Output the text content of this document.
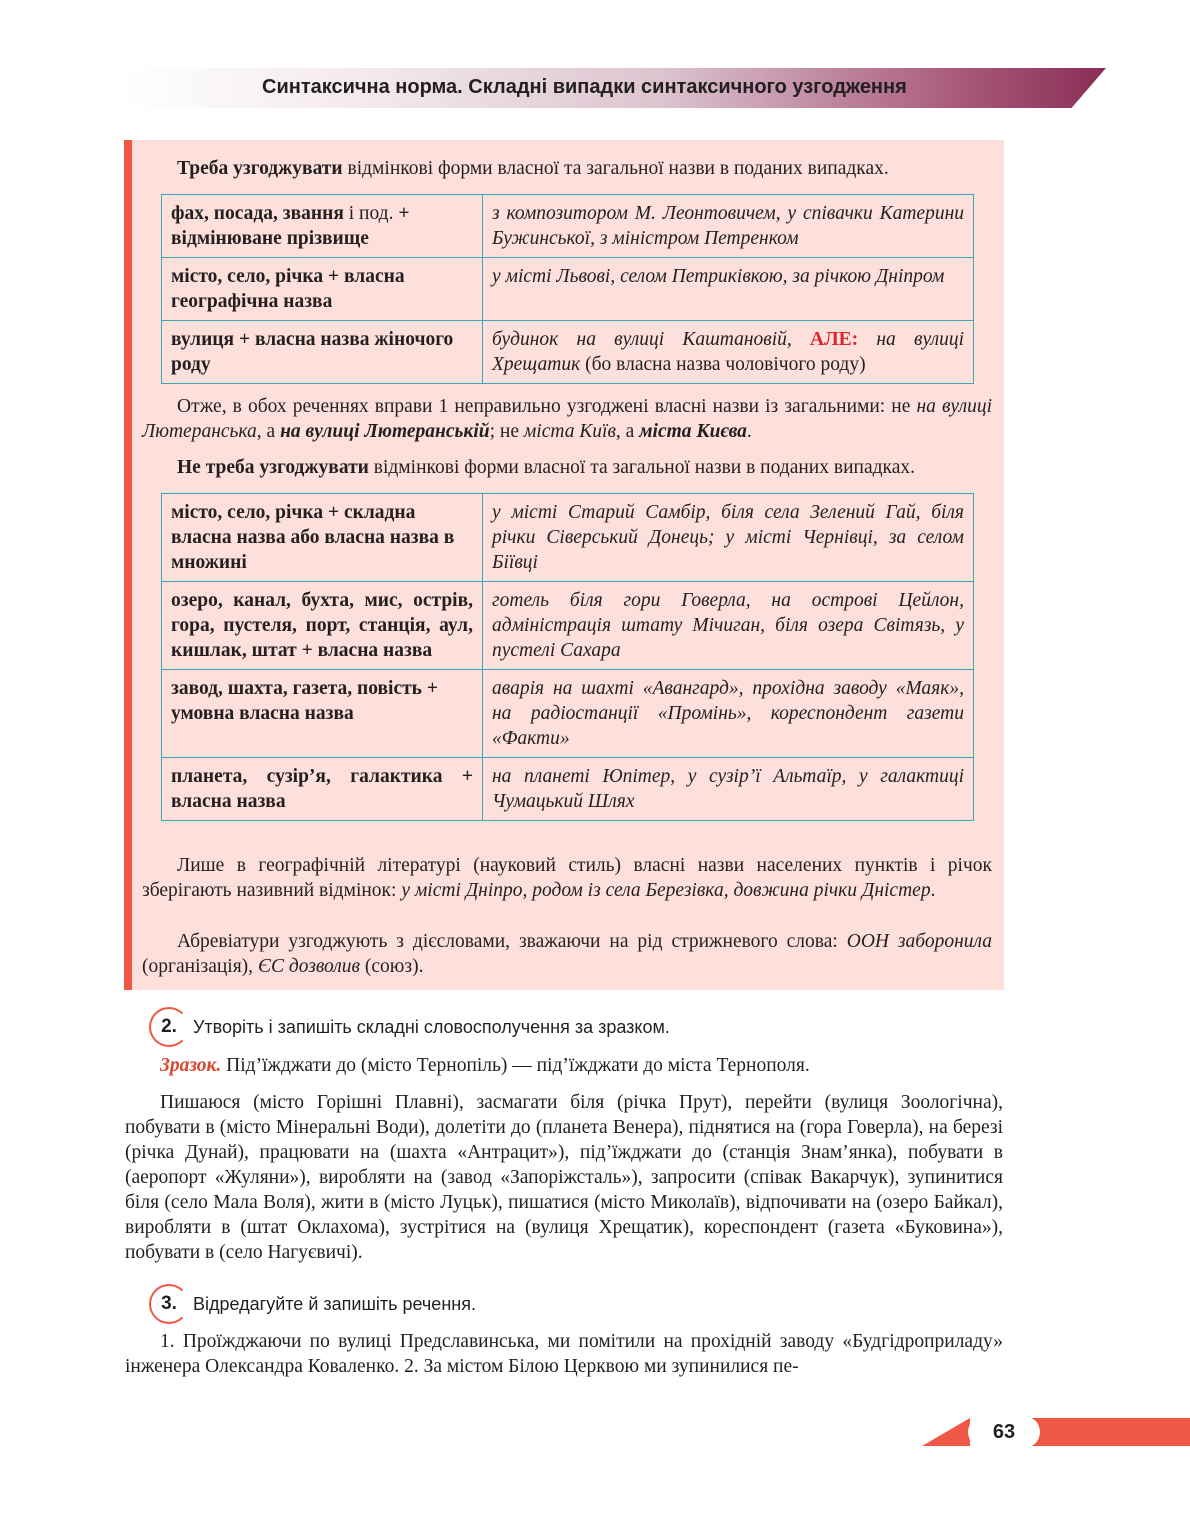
Синтаксична норма. Складні випадки синтаксичного узгодження

Треба узгоджувати відмінкові форми власної та загальної назви в поданих випадках.

фах, посада, звання і под. + відмінюване прізвище	з композитором М. Леонтовичем, у співачки Катерини Бужинської, з міністром Петренком
місто, село, річка + власна географічна назва	у місті Львові, селом Петриківкою, за річкою Дніпром
вулиця + власна назва жіночого роду	будинок на вулиці Каштановій, АЛЕ: на вулиці Хрещатик (бо власна назва чоловічого роду)

Отже, в обох реченнях вправи 1 неправильно узгоджені власні назви із загальними: не на вулиці Лютеранська, а на вулиці Лютеранській; не міста Київ, а міста Києва.

Не треба узгоджувати відмінкові форми власної та загальної назви в поданих випадках.

місто, село, річка + складна власна назва або власна назва в множині	у місті Старий Самбір, біля села Зелений Гай, біля річки Сіверський Донець; у місті Чернівці, за селом Біївці
озеро, канал, бухта, мис, острів, гора, пустеля, порт, станція, аул, кишлак, штат + власна назва	готель біля гори Говерла, на острові Цейлон, адміністрація штату Мічиган, біля озера Світязь, у пустелі Сахара
завод, шахта, газета, повість + умовна власна назва	аварія на шахті «Авангард», прохідна заводу «Маяк», на радіостанції «Промінь», кореспондент газети «Факти»
планета, сузір’я, галактика + власна назва	на планеті Юпітер, у сузір’ї Альтаїр, у галактиці Чумацький Шлях

Лише в географічній літературі (науковий стиль) власні назви населених пунктів і річок зберігають називний відмінок: у місті Дніпро, родом із села Березівка, довжина річки Дністер.

Абревіатури узгоджують з дієсловами, зважаючи на рід стрижневого слова: ООН заборонила (організація), ЄС дозволив (союз).

2. Утворіть і запишіть складні словосполучення за зразком.

Зразок. Під’їжджати до (місто Тернопіль) — під’їжджати до міста Тернополя.

Пишаюся (місто Горішні Плавні), засмагати біля (річка Прут), перейти (вулиця Зоологічна), побувати в (місто Мінеральні Води), долетіти до (планета Венера), піднятися на (гора Говерла), на березі (річка Дунай), працювати на (шахта «Антрацит»), під’їжджати до (станція Знам’янка), побувати в (аеропорт «Жуляни»), виробляти на (завод «Запоріжсталь»), запросити (співак Вакарчук), зупинитися біля (село Мала Воля), жити в (місто Луцьк), пишатися (місто Миколаїв), відпочивати на (озеро Байкал), виробляти в (штат Оклахома), зустрітися на (вулиця Хрещатик), кореспондент (газета «Буковина»), побувати в (село Нагуєвичі).

3. Відредагуйте й запишіть речення.

1. Проїжджаючи по вулиці Предславинська, ми помітили на прохідній заводу «Будгідроприладу» інженера Олександра Коваленко. 2. За містом Білою Церквою ми зупинилися пе-

63
